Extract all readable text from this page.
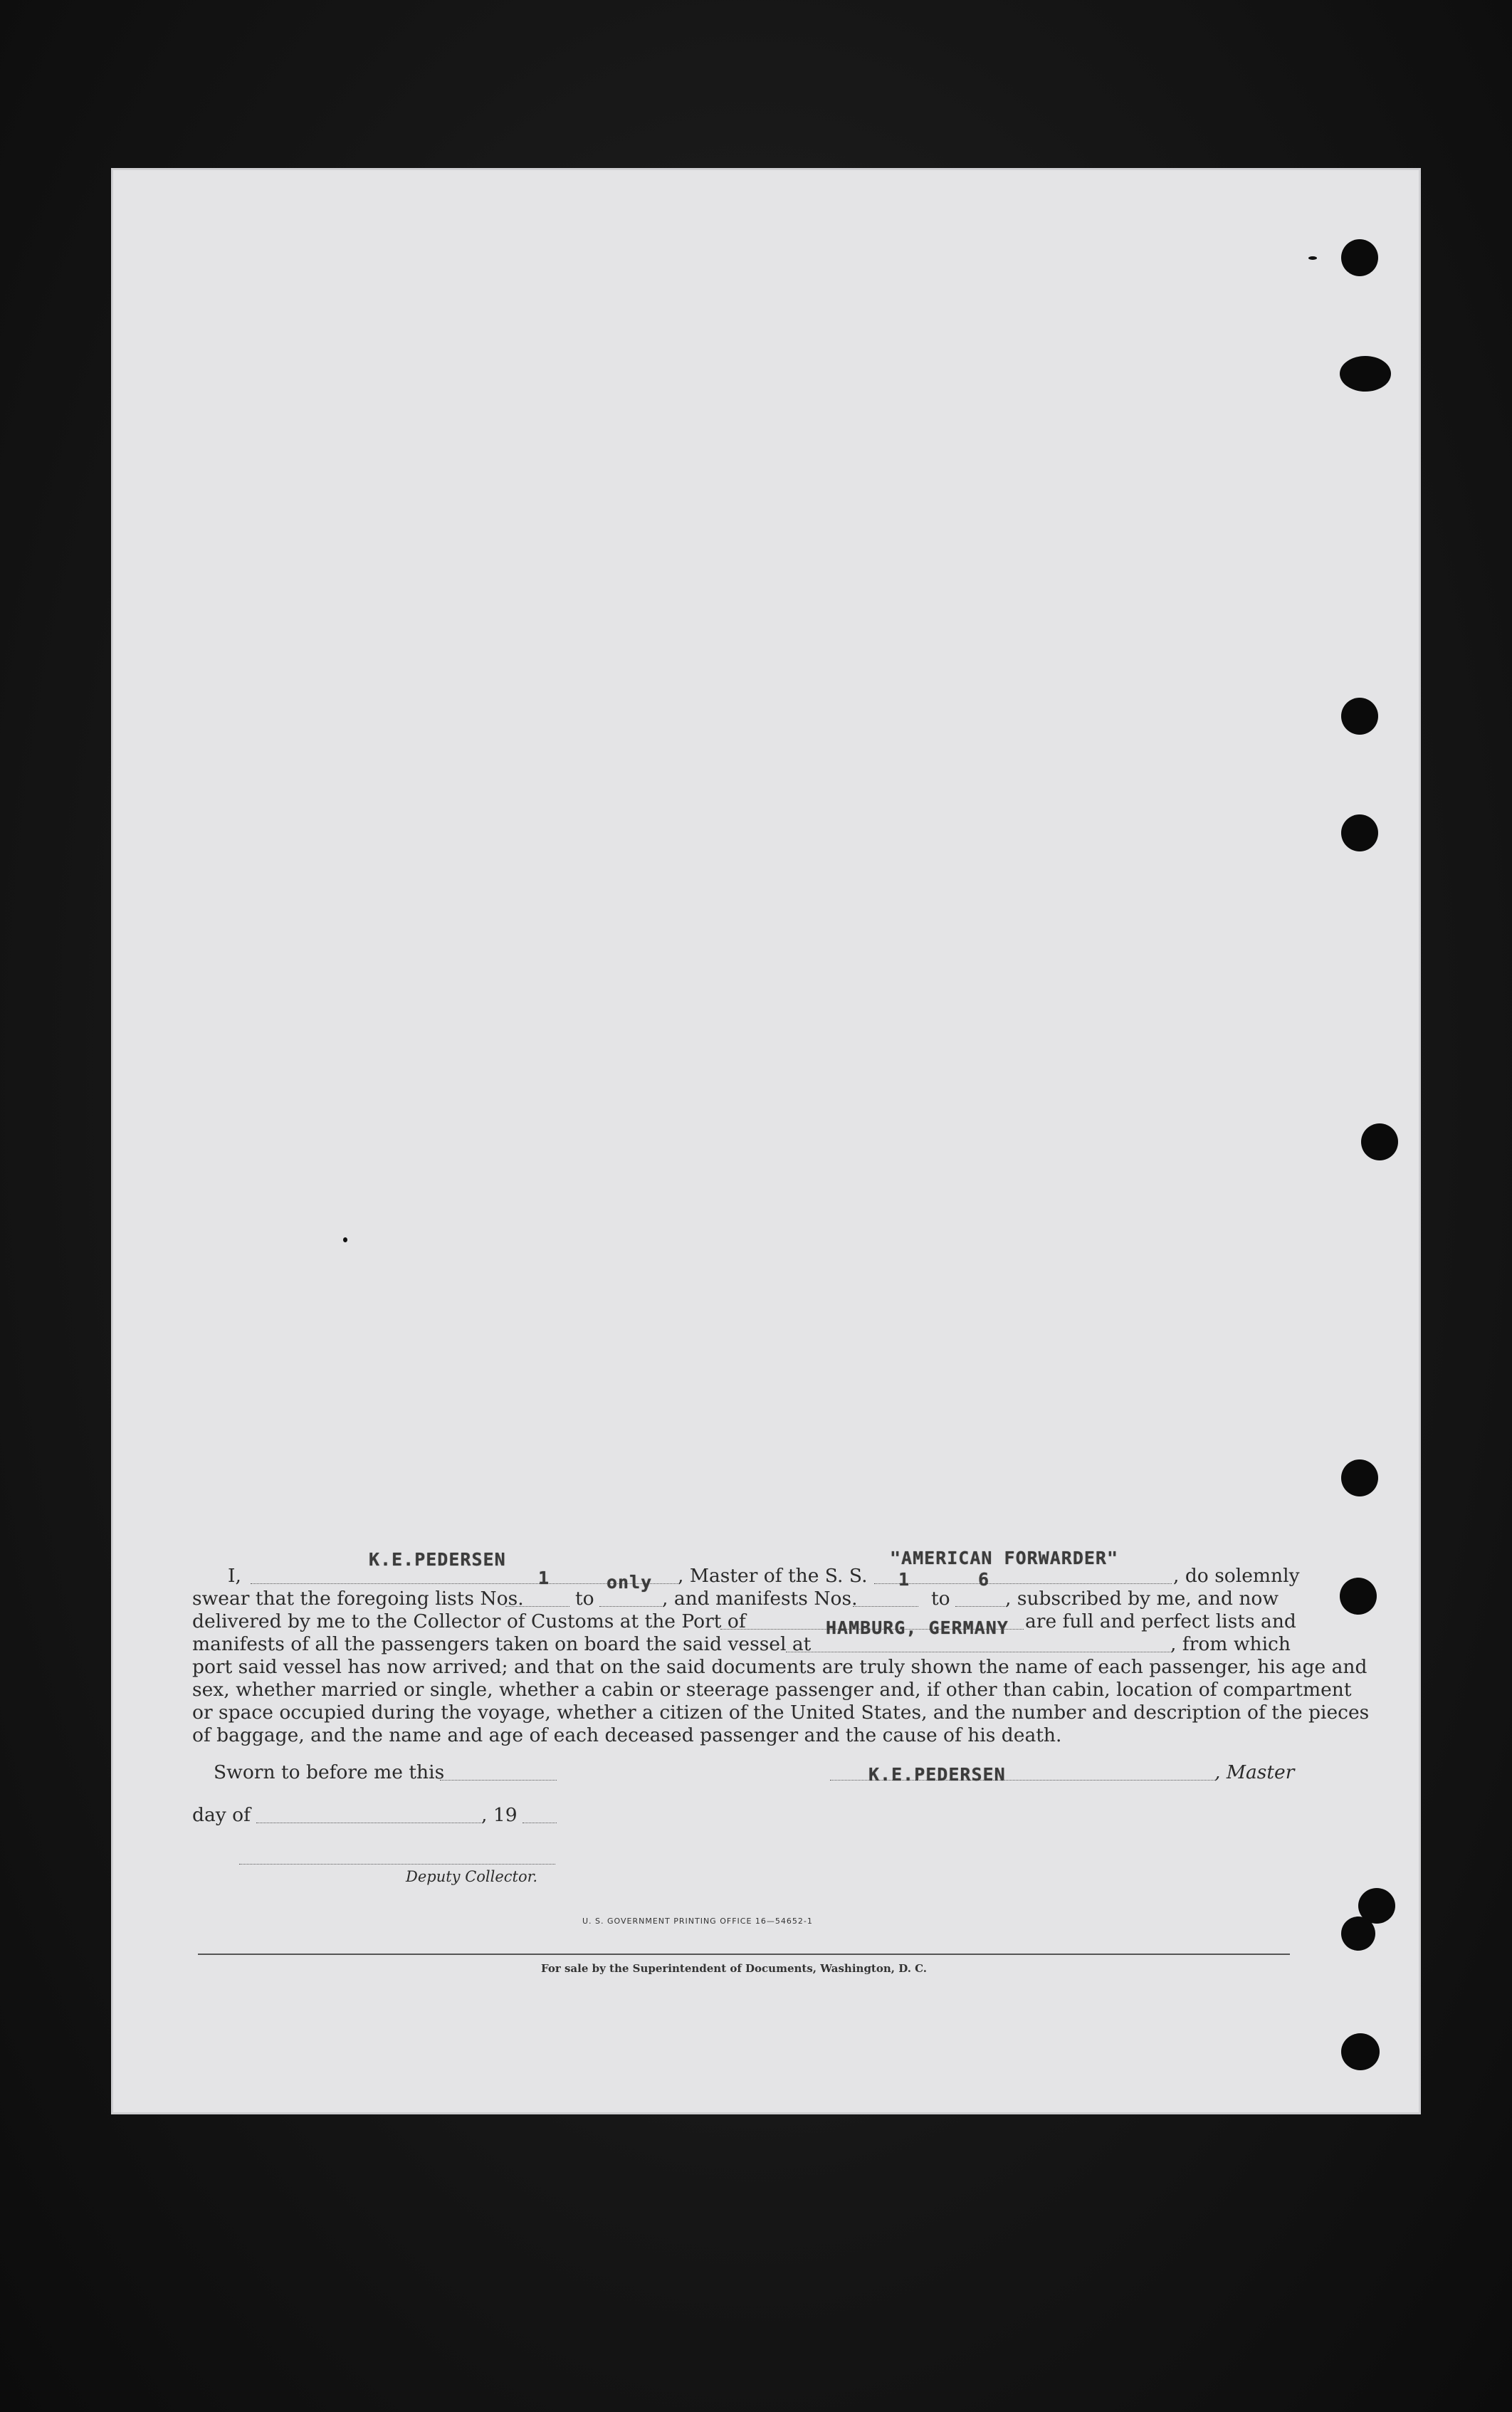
I,
K.E.PEDERSEN
, Master of the S. S.
"AMERICAN FORWARDER"
, do solemnly
swear that the foregoing lists Nos.
1
to
only
, and manifests Nos.
1
to
6
, subscribed by me, and now
delivered by me to the Collector of Customs at the Port of	are full and perfect lists and
manifests of all the passengers taken on board the said vessel at
HAMBURG, GERMANY
, from which
port said vessel has now arrived; and that on the said documents are truly shown the name of each passenger, his age and
sex, whether married or single, whether a cabin or steerage passenger and, if other than cabin, location of compartment
or space occupied during the voyage, whether a citizen of the United States, and the number and description of the pieces
of baggage, and the name and age of each deceased passenger and the cause of his death.
Sworn to before me this	K.E.PEDERSEN	, Master
day of	, 19
Deputy Collector.
U. S. GOVERNMENT PRINTING OFFICE 16—54652-1
For sale by the Superintendent of Documents, Washington, D. C.
